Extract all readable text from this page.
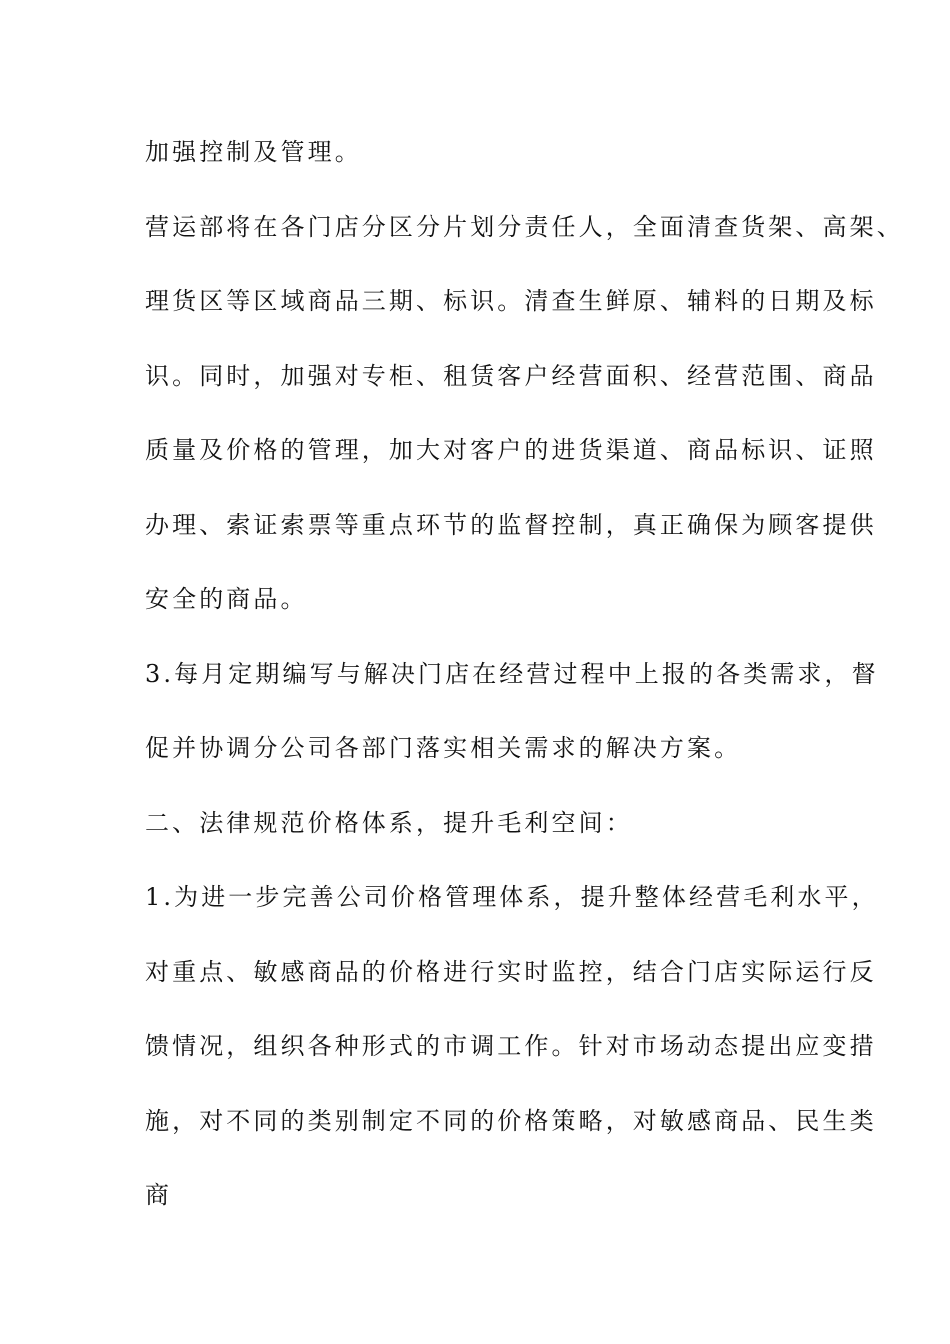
加强控制及管理。
营运部将在各门店分区分片划分责任人，全面清查货架、高架、
理货区等区域商品三期、标识。清查生鲜原、辅料的日期及标
识。同时，加强对专柜、租赁客户经营面积、经营范围、商品
质量及价格的管理，加大对客户的进货渠道、商品标识、证照
办理、索证索票等重点环节的监督控制，真正确保为顾客提供
安全的商品。
3.每月定期编写与解决门店在经营过程中上报的各类需求，督
促并协调分公司各部门落实相关需求的解决方案。
二、法律规范价格体系，提升毛利空间：
1.为进一步完善公司价格管理体系，提升整体经营毛利水平，
对重点、敏感商品的价格进行实时监控，结合门店实际运行反
馈情况，组织各种形式的市调工作。针对市场动态提出应变措
施，对不同的类别制定不同的价格策略，对敏感商品、民生类
商
